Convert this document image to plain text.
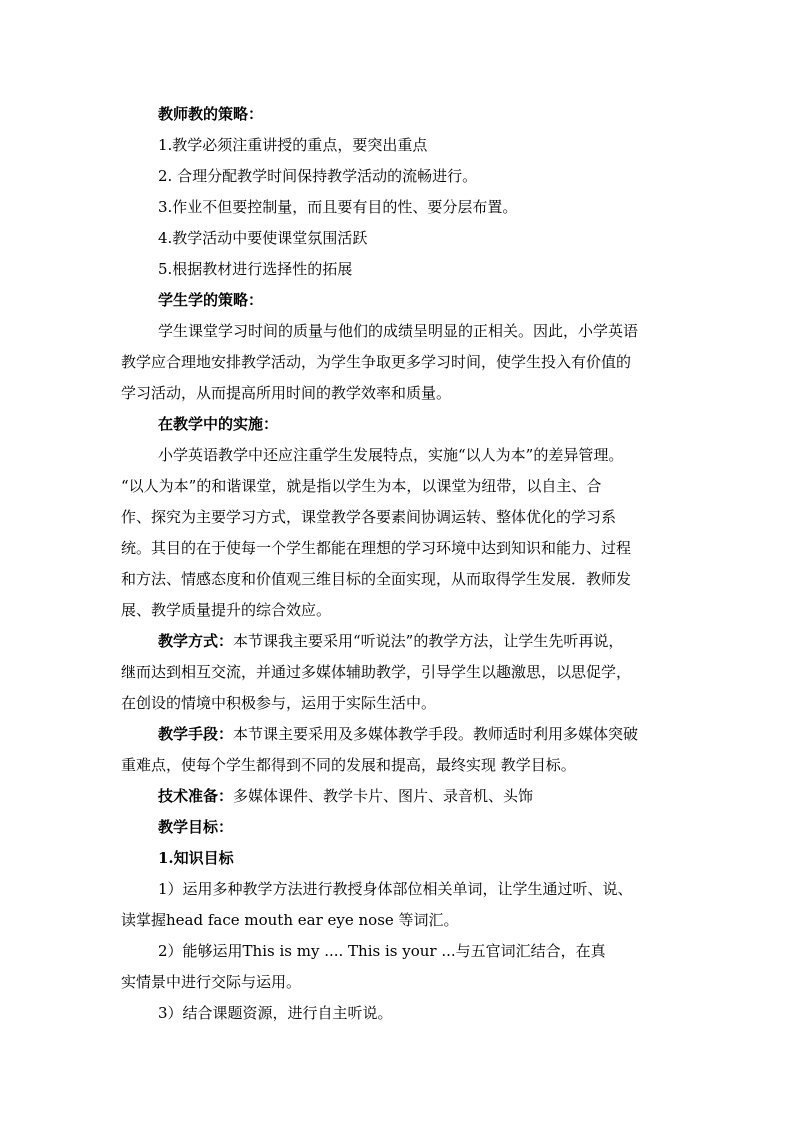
教师教的策略：
1.教学必须注重讲授的重点，要突出重点
2. 合理分配教学时间保持教学活动的流畅进行。
3.作业不但要控制量，而且要有目的性、要分层布置。
4.教学活动中要使课堂氛围活跃
5.根据教材进行选择性的拓展
学生学的策略：
学生课堂学习时间的质量与他们的成绩呈明显的正相关。因此，小学英语
教学应合理地安排教学活动，为学生争取更多学习时间，使学生投入有价值的
学习活动，从而提高所用时间的教学效率和质量。
在教学中的实施：
小学英语教学中还应注重学生发展特点，实施“以人为本”的差异管理。
“以人为本”的和谐课堂，就是指以学生为本，以课堂为纽带，以自主、合
作、探究为主要学习方式，课堂教学各要素间协调运转、整体优化的学习系
统。其目的在于使每一个学生都能在理想的学习环境中达到知识和能力、过程
和方法、情感态度和价值观三维目标的全面实现，从而取得学生发展．教师发
展、教学质量提升的综合效应。
教学方式：本节课我主要采用“听说法”的教学方法，让学生先听再说，
继而达到相互交流，并通过多媒体辅助教学，引导学生以趣激思，以思促学，
在创设的情境中积极参与，运用于实际生活中。
教学手段：本节课主要采用及多媒体教学手段。教师适时利用多媒体突破
重难点，使每个学生都得到不同的发展和提高，最终实现 教学目标。
技术准备：多媒体课件、教学卡片、图片、录音机、头饰
教学目标：
1.知识目标
1）运用多种教学方法进行教授身体部位相关单词，让学生通过听、说、
读掌握head face mouth ear eye nose 等词汇。
2）能够运用This is my .... This is your ...与五官词汇结合，在真
实情景中进行交际与运用。
3）结合课题资源，进行自主听说。
